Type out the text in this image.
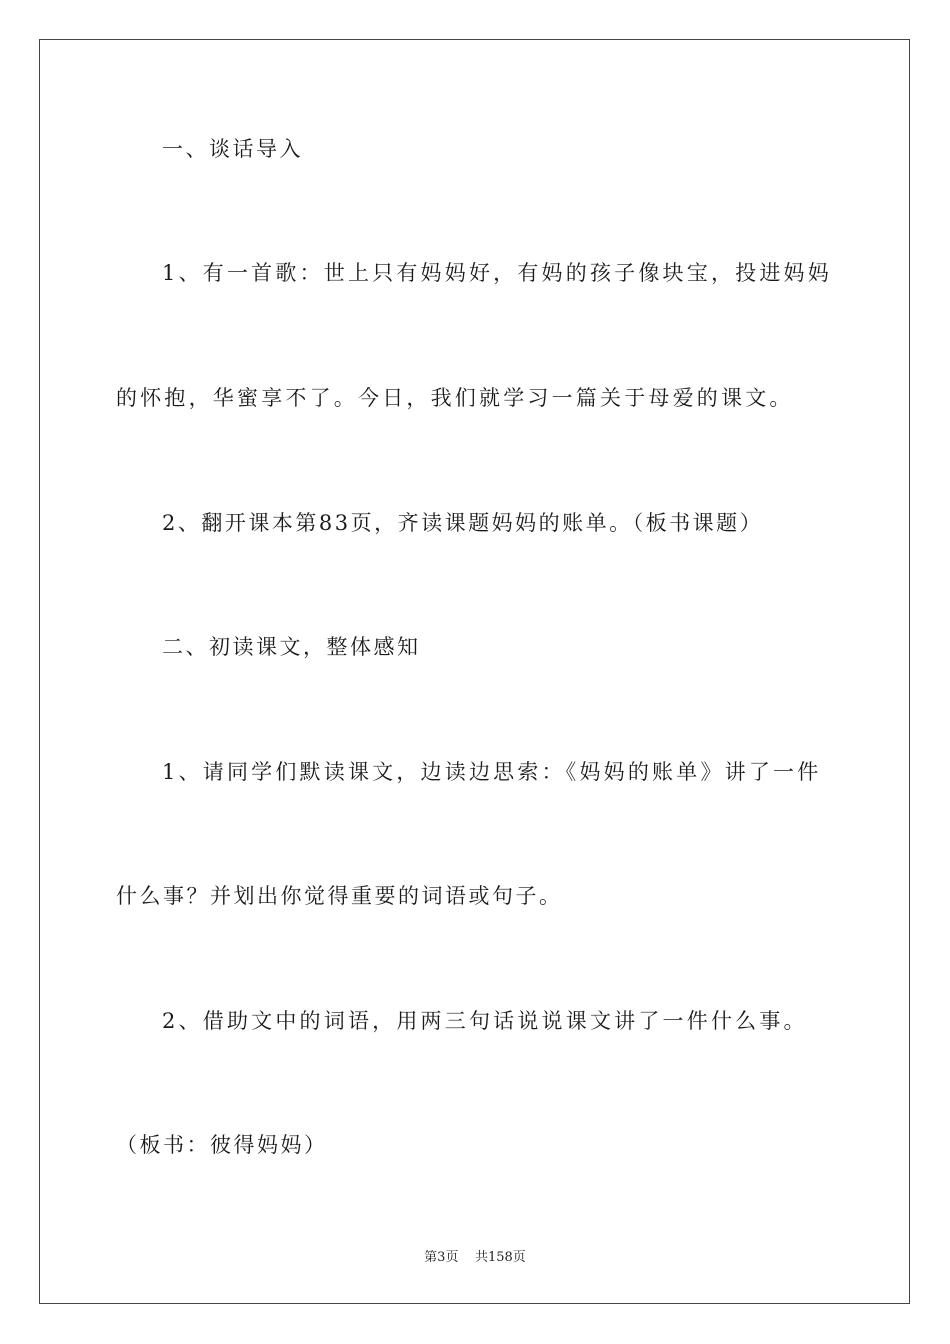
一、谈话导入
1、有一首歌：世上只有妈妈好，有妈的孩子像块宝，投进妈妈
的怀抱，华蜜享不了。今日，我们就学习一篇关于母爱的课文。
2、翻开课本第83页，齐读课题妈妈的账单。（板书课题）
二、初读课文，整体感知
1、请同学们默读课文，边读边思索：《妈妈的账单》讲了一件
什么事？并划出你觉得重要的词语或句子。
2、借助文中的词语，用两三句话说说课文讲了一件什么事。
（板书：彼得妈妈）
第3页 共158页
